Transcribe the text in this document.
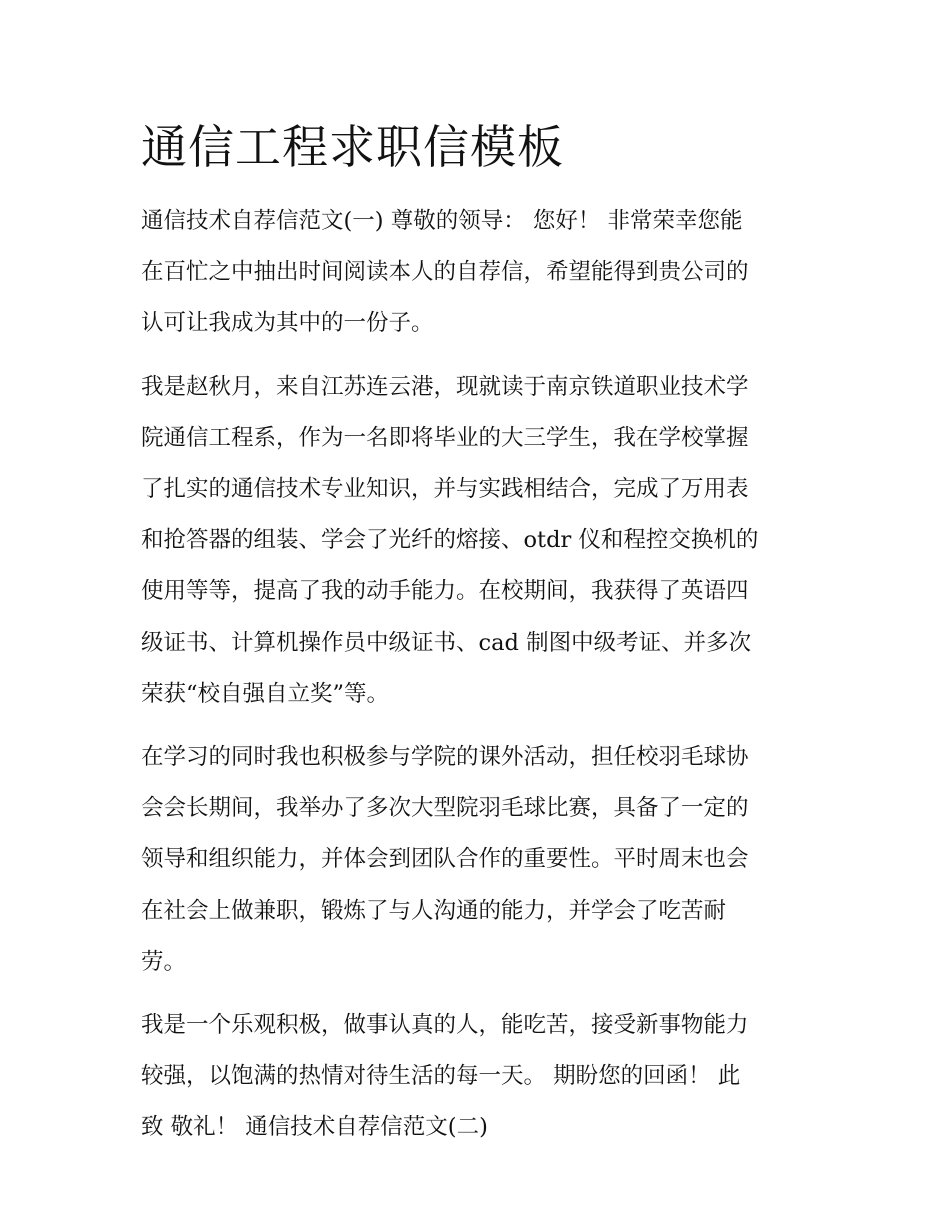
通信工程求职信模板

通信技术自荐信范文(一) 尊敬的领导： 您好！ 非常荣幸您能
在百忙之中抽出时间阅读本人的自荐信，希望能得到贵公司的
认可让我成为其中的一份子。

我是赵秋月，来自江苏连云港，现就读于南京铁道职业技术学
院通信工程系，作为一名即将毕业的大三学生，我在学校掌握
了扎实的通信技术专业知识，并与实践相结合，完成了万用表
和抢答器的组装、学会了光纤的熔接、otdr 仪和程控交换机的
使用等等，提高了我的动手能力。在校期间，我获得了英语四
级证书、计算机操作员中级证书、cad 制图中级考证、并多次
荣获“校自强自立奖”等。

在学习的同时我也积极参与学院的课外活动，担任校羽毛球协
会会长期间，我举办了多次大型院羽毛球比赛，具备了一定的
领导和组织能力，并体会到团队合作的重要性。平时周末也会
在社会上做兼职，锻炼了与人沟通的能力，并学会了吃苦耐
劳。

我是一个乐观积极，做事认真的人，能吃苦，接受新事物能力
较强，以饱满的热情对待生活的每一天。 期盼您的回函！ 此
致 敬礼！ 通信技术自荐信范文(二)
